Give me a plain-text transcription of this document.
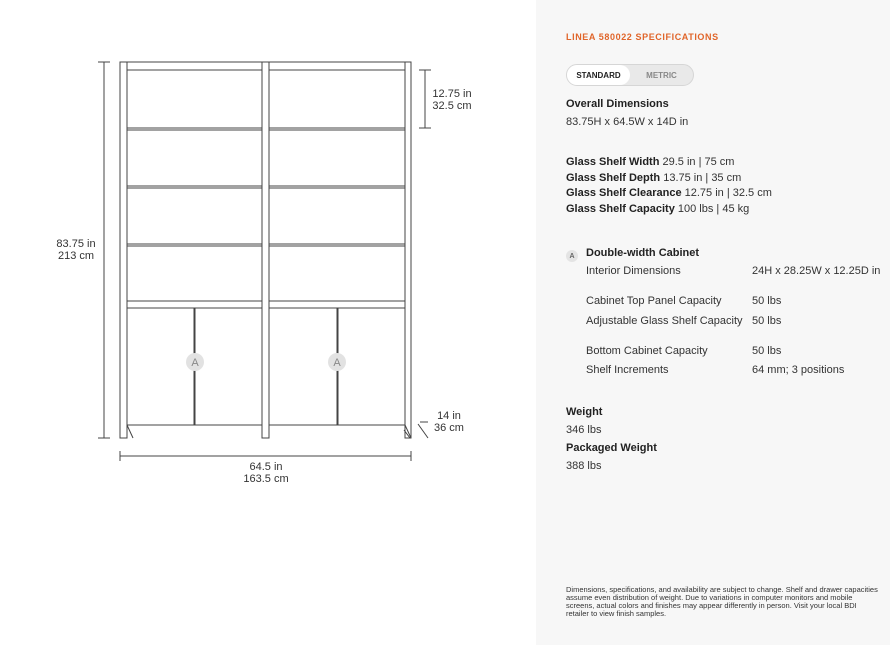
A	A
83.75 in
213 cm
12.75 in
32.5 cm
14 in
36 cm
64.5 in
163.5 cm
LINEA 580022 SPECIFICATIONS
STANDARD	METRIC
Overall Dimensions
83.75H x 64.5W x 14D in
Glass Shelf Width 29.5 in | 75 cm
Glass Shelf Depth 13.75 in | 35 cm
Glass Shelf Clearance 12.75 in | 32.5 cm
Glass Shelf Capacity 100 lbs | 45 kg
A	Double-width Cabinet
Interior Dimensions	24H x 28.25W x 12.25D in
Cabinet Top Panel Capacity	50 lbs
Adjustable Glass Shelf Capacity 50 lbs
Bottom Cabinet Capacity	50 lbs
Shelf Increments	64 mm; 3 positions
Weight
346 lbs
Packaged Weight
388 lbs
Dimensions, specifications, and availability are subject to change. Shelf and drawer capacities assume even distribution of weight. Due to variations in computer monitors and mobile screens, actual colors and finishes may appear differently in person. Visit your local BDI retailer to view finish samples.
